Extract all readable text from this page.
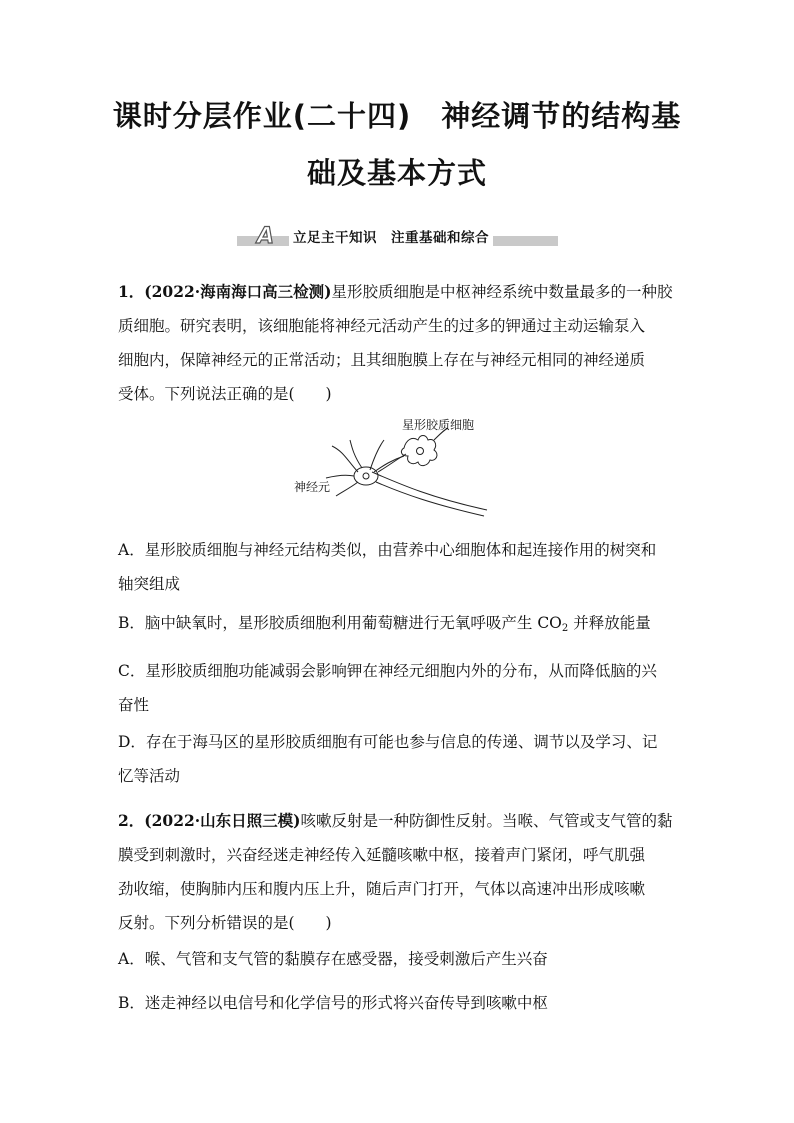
课时分层作业(二十四)　神经调节的结构基
础及基本方式
A 立足主干知识　注重基础和综合
1．(2022·海南海口高三检测)星形胶质细胞是中枢神经系统中数量最多的一种胶
质细胞。研究表明，该细胞能将神经元活动产生的过多的钾通过主动运输泵入
细胞内，保障神经元的正常活动；且其细胞膜上存在与神经元相同的神经递质
受体。下列说法正确的是(　　)
星形胶质细胞
神经元
A．星形胶质细胞与神经元结构类似，由营养中心细胞体和起连接作用的树突和
轴突组成
B．脑中缺氧时，星形胶质细胞利用葡萄糖进行无氧呼吸产生 $CO_2$ 并释放能量
C．星形胶质细胞功能减弱会影响钾在神经元细胞内外的分布，从而降低脑的兴
奋性
D．存在于海马区的星形胶质细胞有可能也参与信息的传递、调节以及学习、记
忆等活动
2．(2022·山东日照三模)咳嗽反射是一种防御性反射。当喉、气管或支气管的黏
膜受到刺激时，兴奋经迷走神经传入延髓咳嗽中枢，接着声门紧闭，呼气肌强
劲收缩，使胸肺内压和腹内压上升，随后声门打开，气体以高速冲出形成咳嗽
反射。下列分析错误的是(　　)
A．喉、气管和支气管的黏膜存在感受器，接受刺激后产生兴奋
B．迷走神经以电信号和化学信号的形式将兴奋传导到咳嗽中枢
